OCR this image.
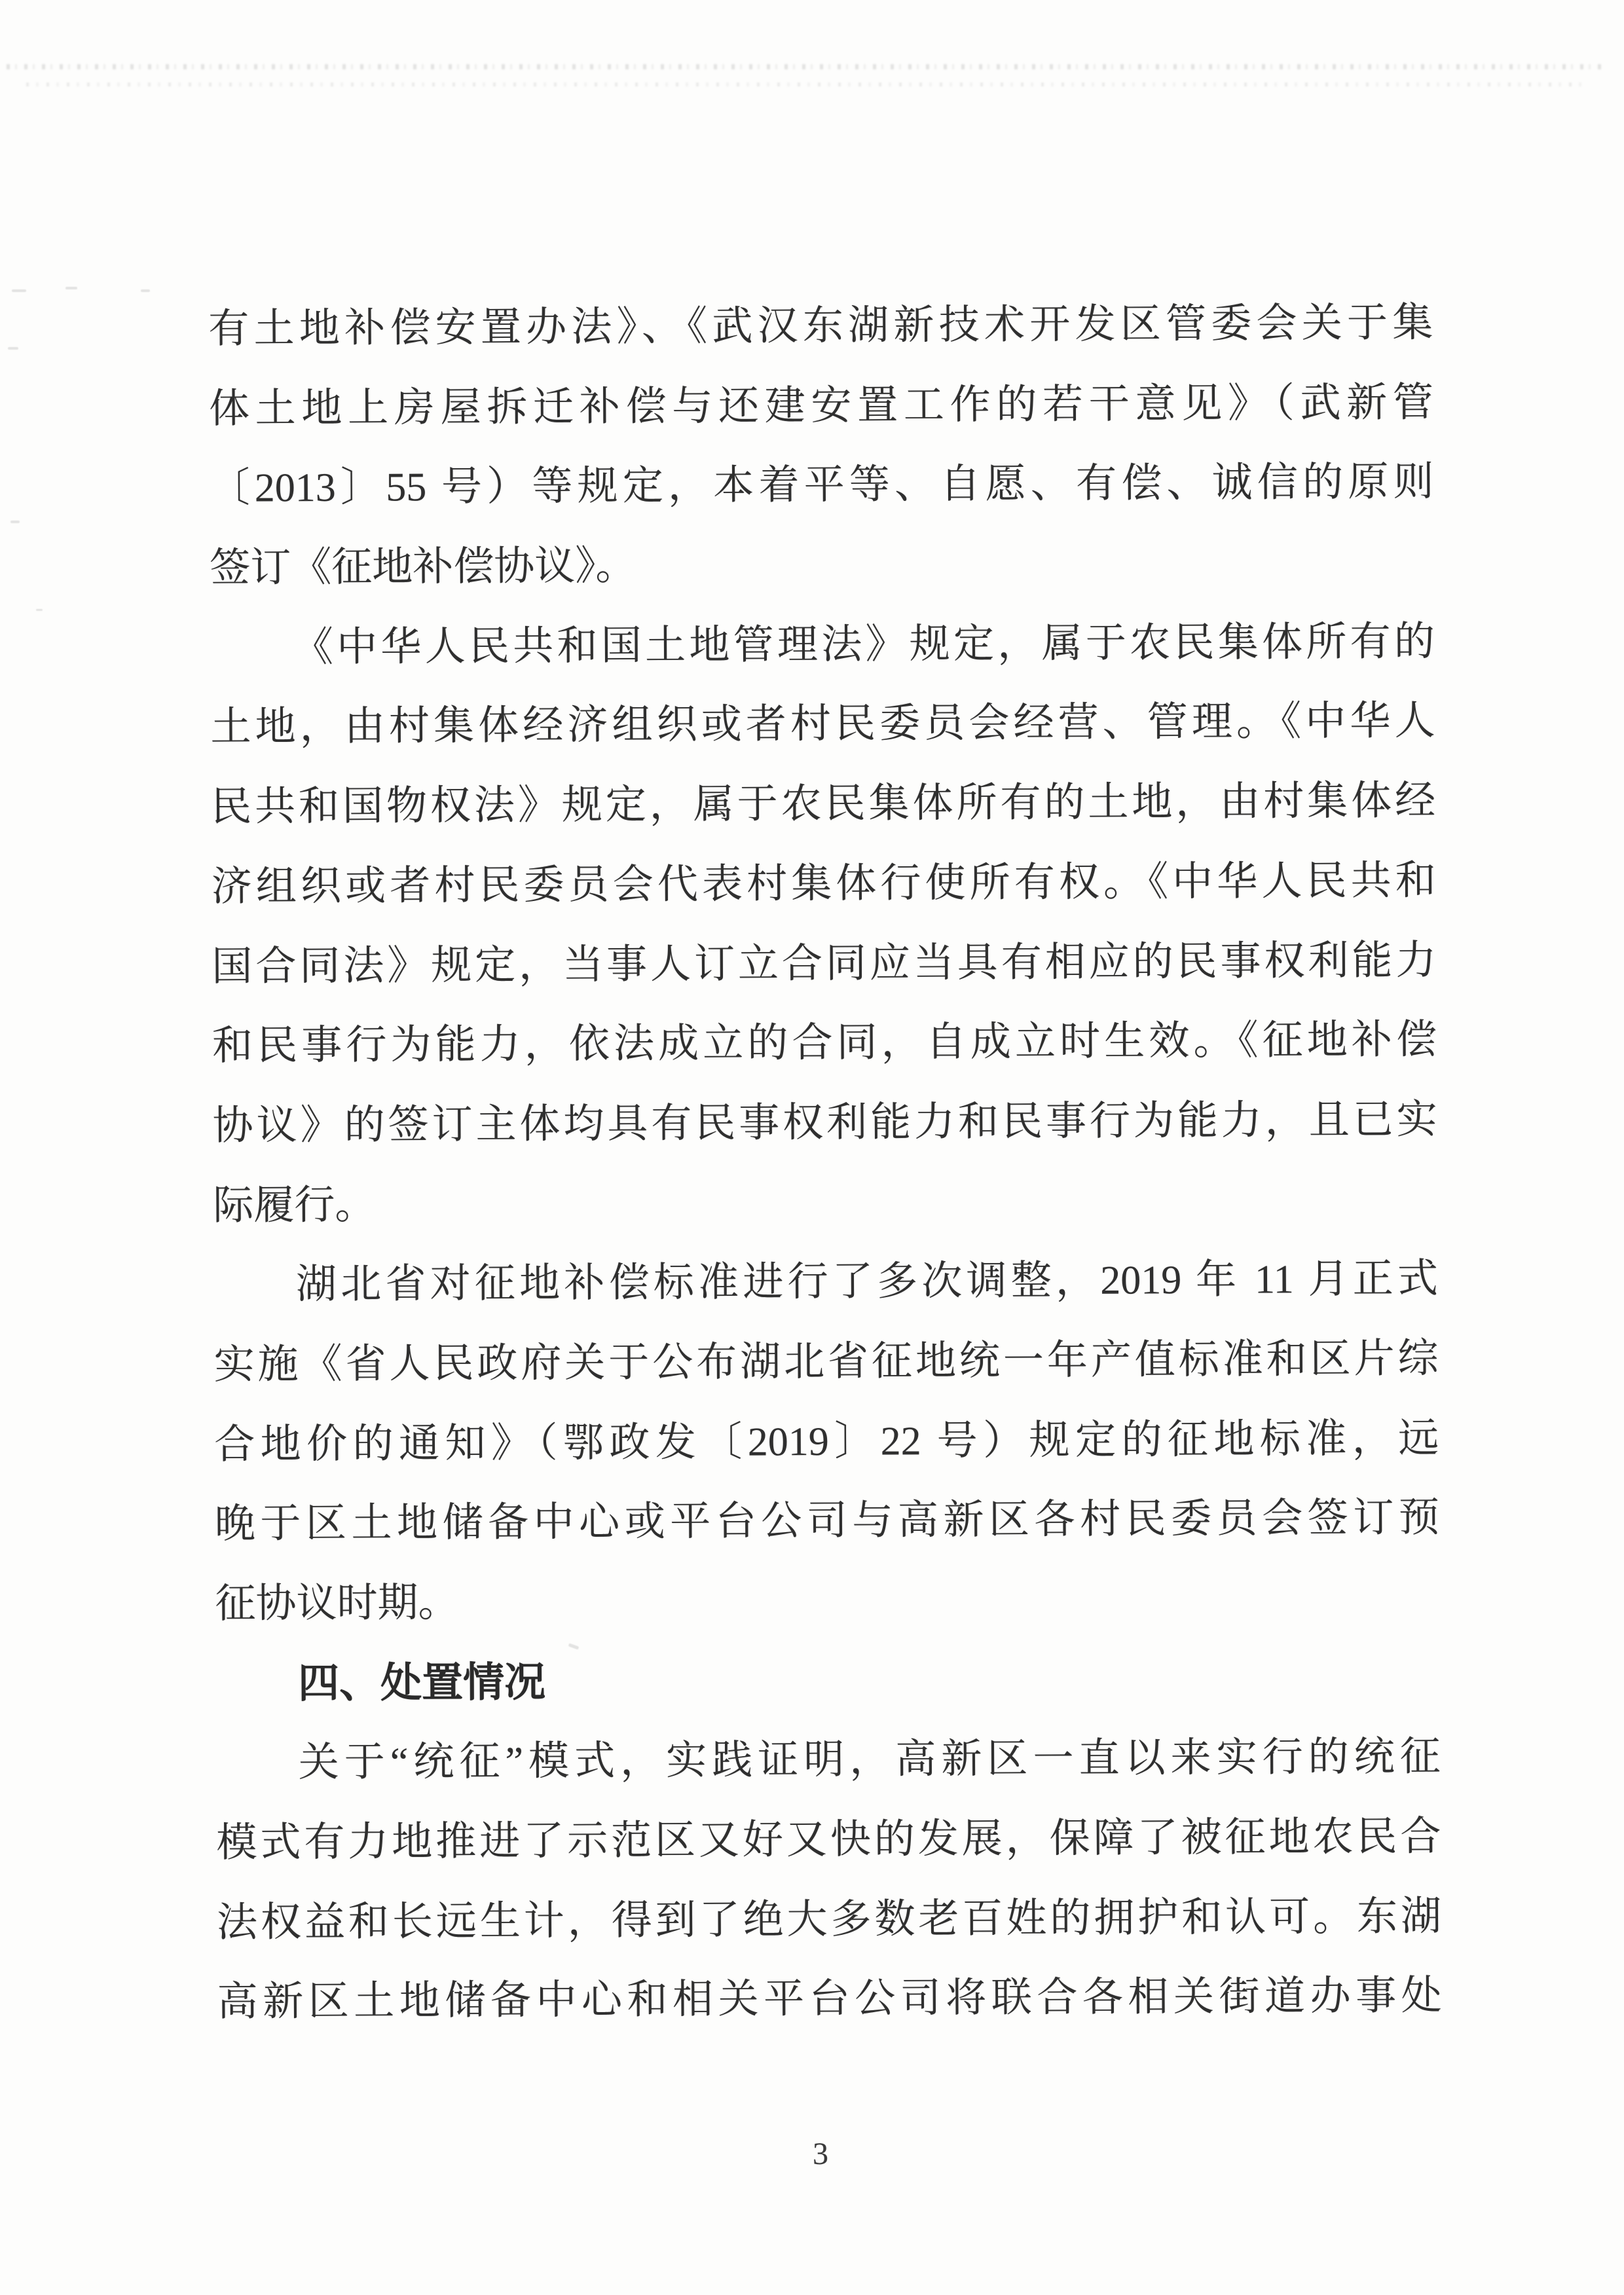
有土地补偿安置办法》、《武汉东湖新技术开发区管委会关于集
体土地上房屋拆迁补偿与还建安置工作的若干意见》（武新管
〔2013〕55 号）等规定，本着平等、自愿、有偿、诚信的原则
签订《征地补偿协议》。
《中华人民共和国土地管理法》规定，属于农民集体所有的
土地，由村集体经济组织或者村民委员会经营、管理。《中华人
民共和国物权法》规定，属于农民集体所有的土地，由村集体经
济组织或者村民委员会代表村集体行使所有权。《中华人民共和
国合同法》规定，当事人订立合同应当具有相应的民事权利能力
和民事行为能力，依法成立的合同，自成立时生效。《征地补偿
协议》的签订主体均具有民事权利能力和民事行为能力，且已实
际履行。
湖北省对征地补偿标准进行了多次调整，2019 年 11 月正式
实施《省人民政府关于公布湖北省征地统一年产值标准和区片综
合地价的通知》（鄂政发〔2019〕22 号）规定的征地标准，远
晚于区土地储备中心或平台公司与高新区各村民委员会签订预
征协议时期。
四、处置情况
关于“统征”模式，实践证明，高新区一直以来实行的统征
模式有力地推进了示范区又好又快的发展，保障了被征地农民合
法权益和长远生计，得到了绝大多数老百姓的拥护和认可。东湖
高新区土地储备中心和相关平台公司将联合各相关街道办事处
3
